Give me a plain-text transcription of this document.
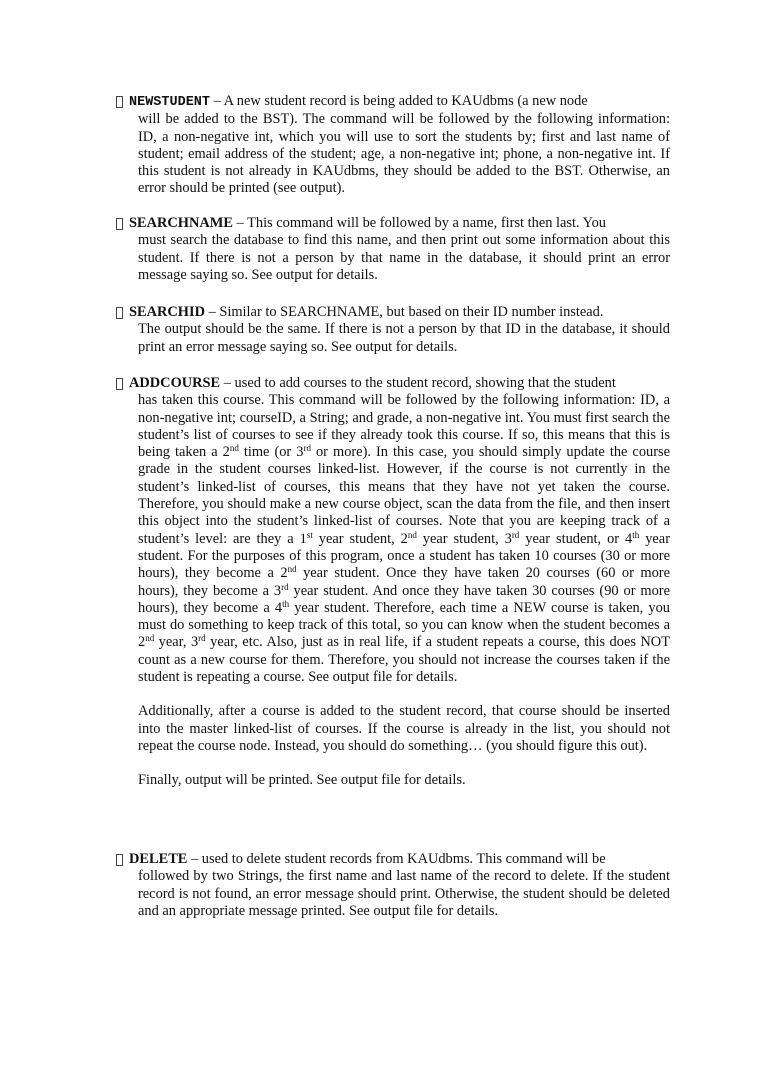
NEWSTUDENT – A new student record is being added to KAUdbms (a new node
will be added to the BST). The command will be followed by the following information: ID, a non-negative int, which you will use to sort the students by; first and last name of student; email address of the student; age, a non-negative int; phone, a non-negative int. If this student is not already in KAUdbms, they should be added to the BST. Otherwise, an error should be printed (see output).
SEARCHNAME – This command will be followed by a name, first then last. You
must search the database to find this name, and then print out some information about this student. If there is not a person by that name in the database, it should print an error message saying so. See output for details.
SEARCHID – Similar to SEARCHNAME, but based on their ID number instead.
The output should be the same. If there is not a person by that ID in the database, it should print an error message saying so. See output for details.
ADDCOURSE – used to add courses to the student record, showing that the student
has taken this course. This command will be followed by the following information: ID, a non-negative int; courseID, a String; and grade, a non-negative int. You must first search the student’s list of courses to see if they already took this course. If so, this means that this is being taken a 2nd time (or 3rd or more). In this case, you should simply update the course grade in the student courses linked-list. However, if the course is not currently in the student’s linked-list of courses, this means that they have not yet taken the course. Therefore, you should make a new course object, scan the data from the file, and then insert this object into the student’s linked-list of courses. Note that you are keeping track of a student’s level: are they a 1st year student, 2nd year student, 3rd year student, or 4th year student. For the purposes of this program, once a student has taken 10 courses (30 or more hours), they become a 2nd year student. Once they have taken 20 courses (60 or more hours), they become a 3rd year student. And once they have taken 30 courses (90 or more hours), they become a 4th year student. Therefore, each time a NEW course is taken, you must do something to keep track of this total, so you can know when the student becomes a 2nd year, 3rd year, etc. Also, just as in real life, if a student repeats a course, this does NOT count as a new course for them. Therefore, you should not increase the courses taken if the student is repeating a course. See output file for details.
Additionally, after a course is added to the student record, that course should be inserted into the master linked-list of courses. If the course is already in the list, you should not repeat the course node. Instead, you should do something… (you should figure this out).
Finally, output will be printed. See output file for details.
DELETE – used to delete student records from KAUdbms. This command will be
followed by two Strings, the first name and last name of the record to delete. If the student record is not found, an error message should print. Otherwise, the student should be deleted and an appropriate message printed. See output file for details.
